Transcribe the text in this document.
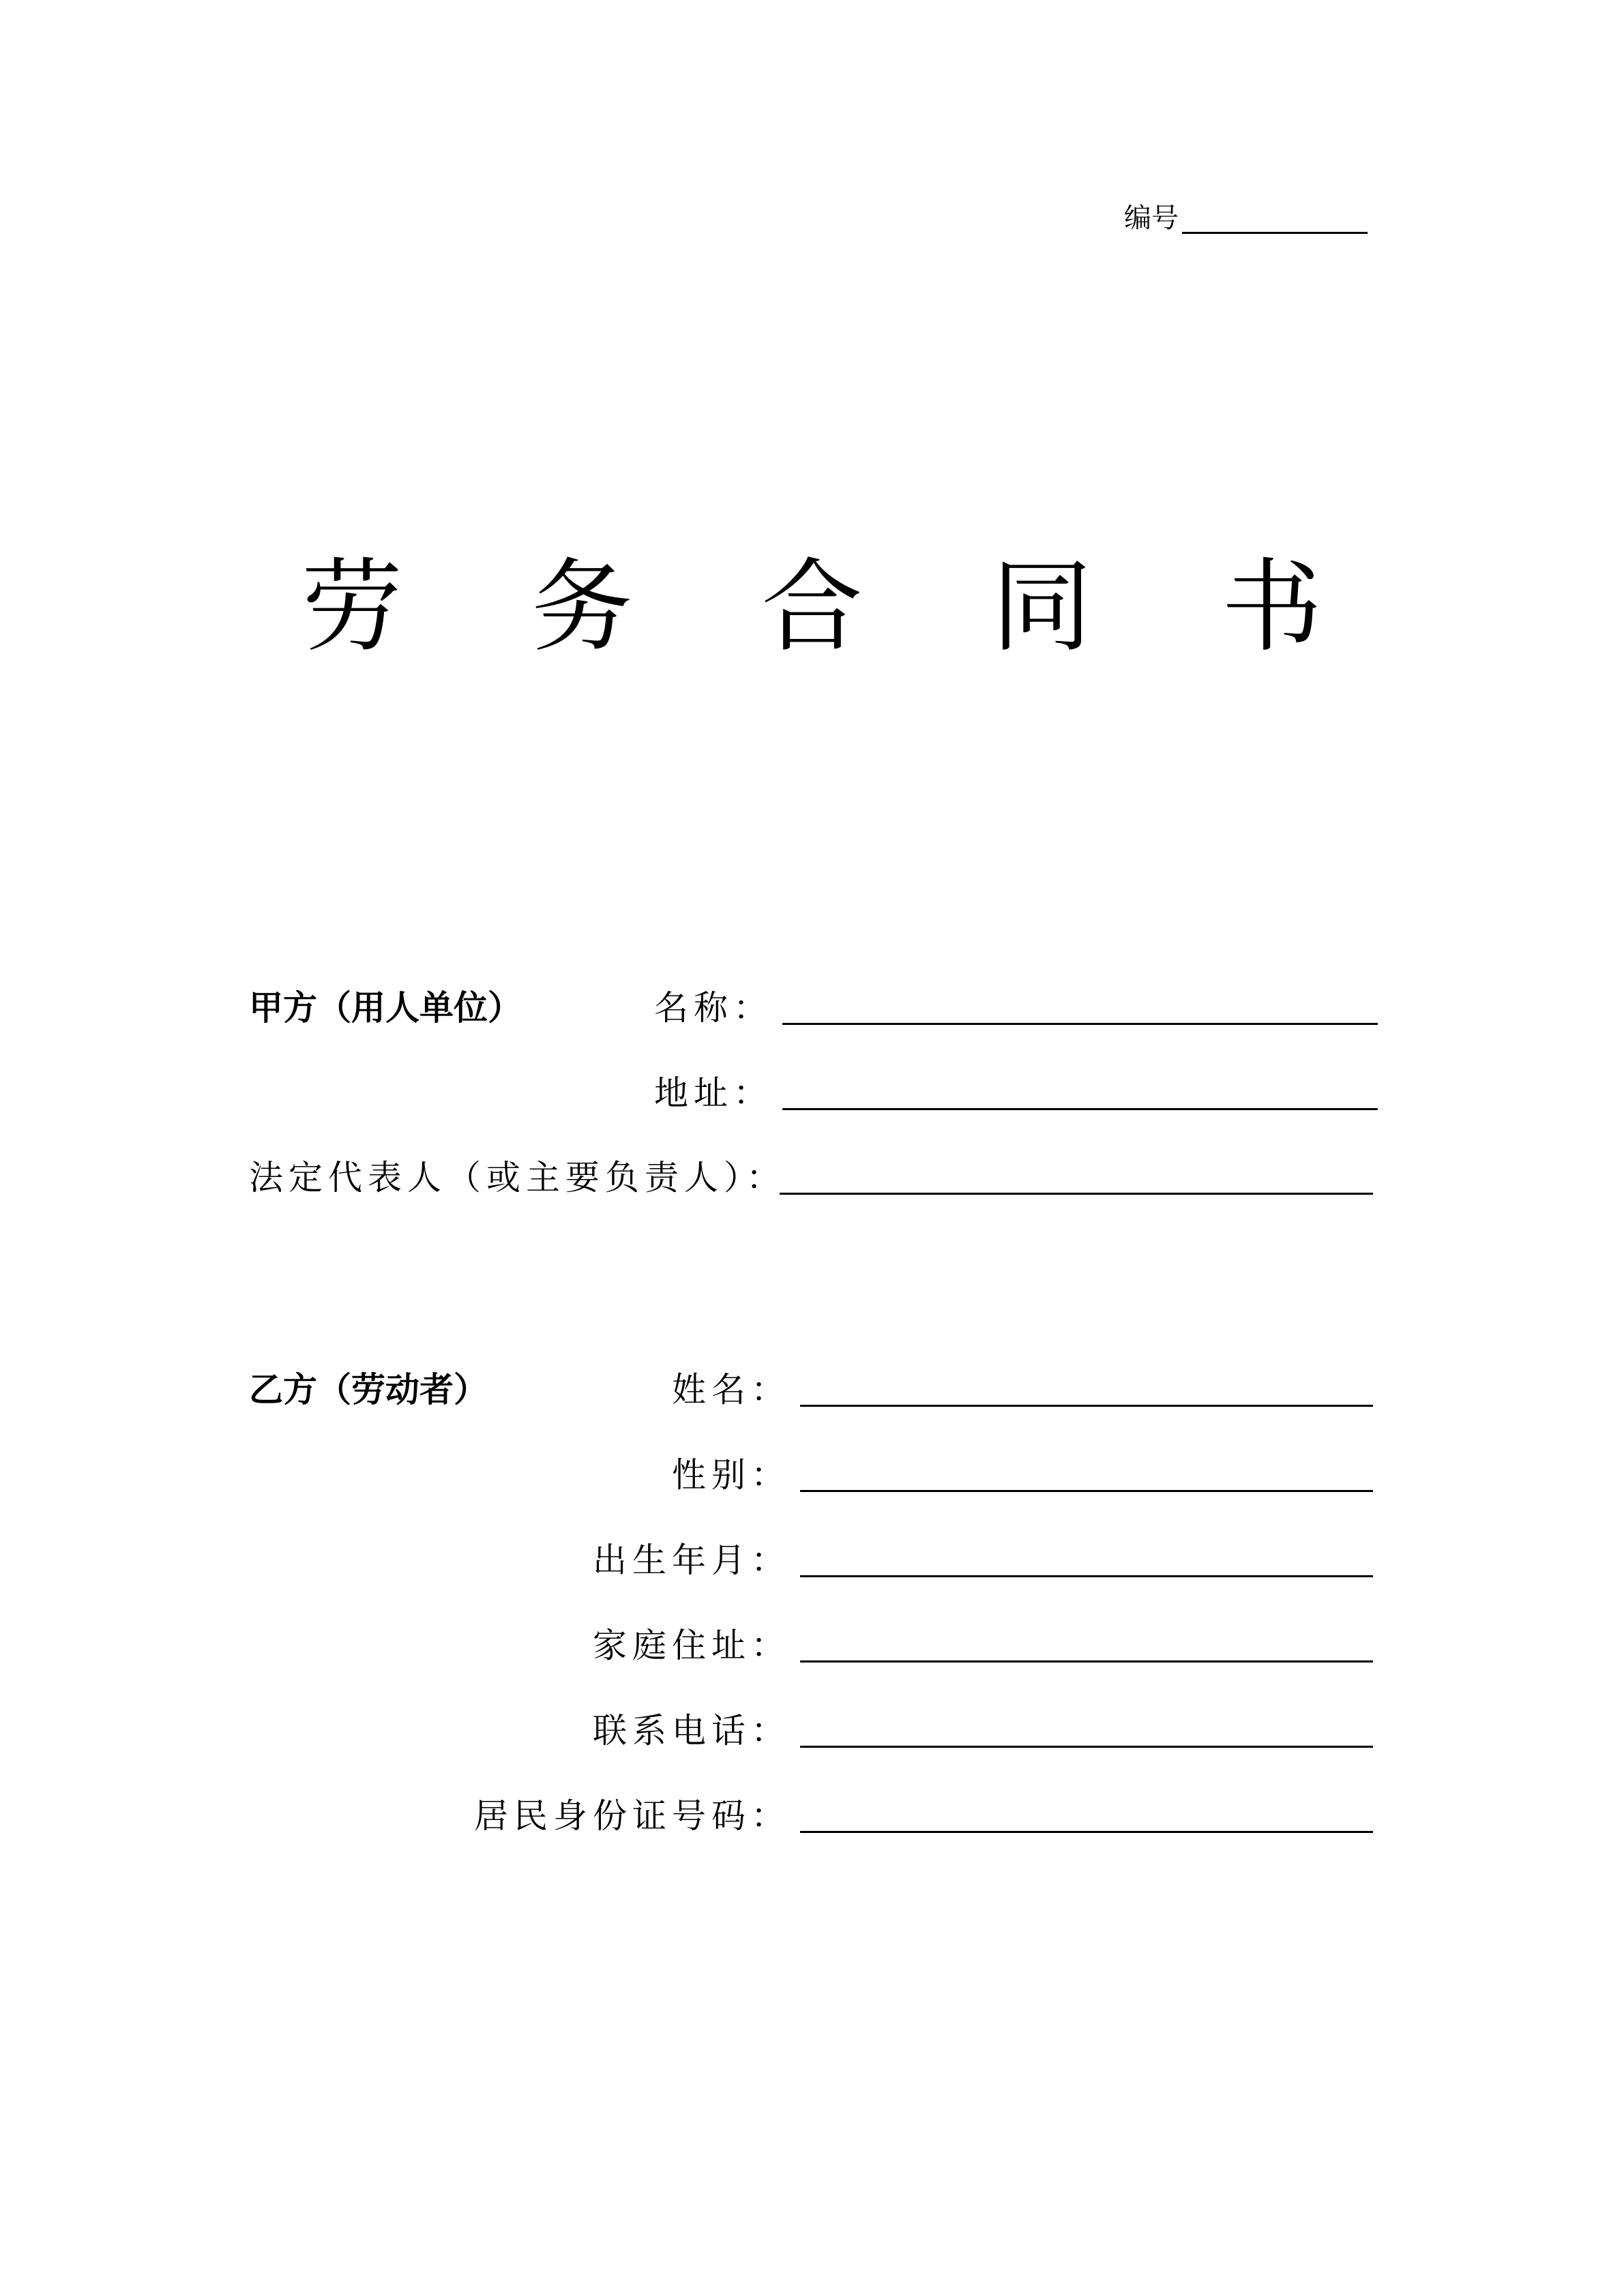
编号
劳 务 合 同 书
甲方（用人单位）	名称：
地址：
法定代表人（或主要负责人）：
乙方（劳动者）	姓名：
性别：
出生年月：
家庭住址：
联系电话：
居民身份证号码：
